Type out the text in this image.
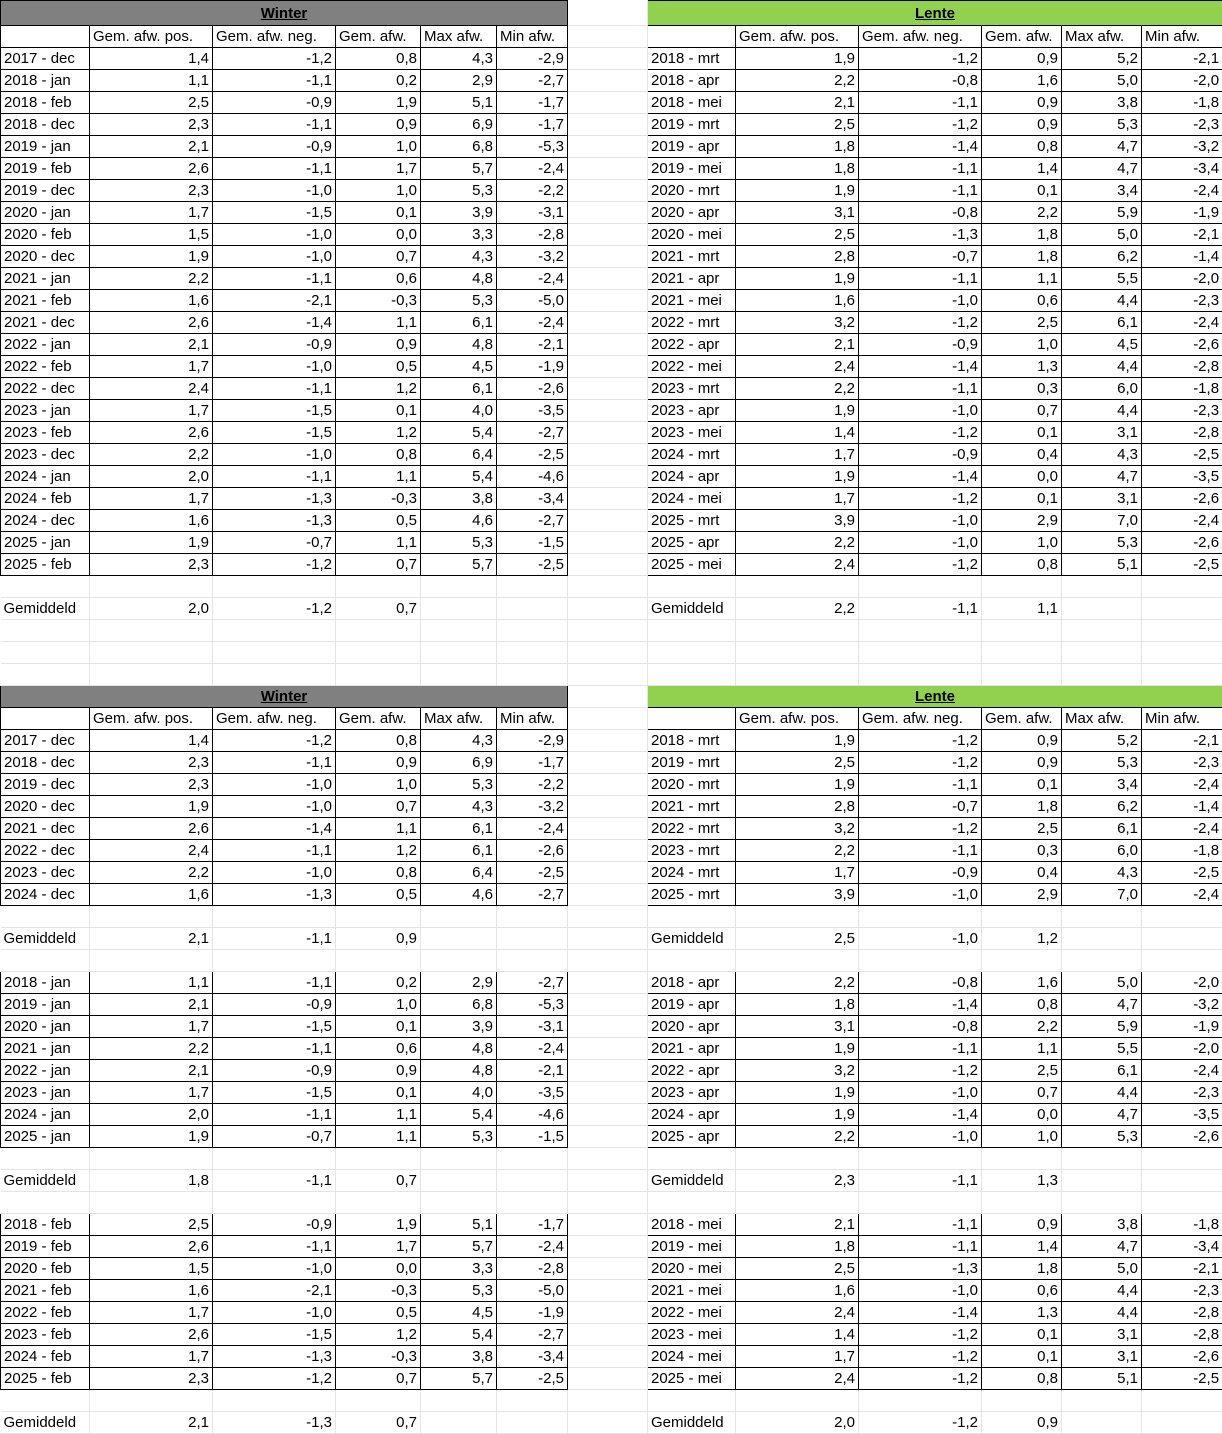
Winter							Lente					
	Gem. afw. pos.	Gem. afw. neg.	Gem. afw.	Max afw.	Min afw.			Gem. afw. pos.	Gem. afw. neg.	Gem. afw.	Max afw.	Min afw.
2017 - dec	1,4	-1,2	0,8	4,3	-2,9		2018 - mrt	1,9	-1,2	0,9	5,2	-2,1
2018 - jan	1,1	-1,1	0,2	2,9	-2,7		2018 - apr	2,2	-0,8	1,6	5,0	-2,0
2018 - feb	2,5	-0,9	1,9	5,1	-1,7		2018 - mei	2,1	-1,1	0,9	3,8	-1,8
2018 - dec	2,3	-1,1	0,9	6,9	-1,7		2019 - mrt	2,5	-1,2	0,9	5,3	-2,3
2019 - jan	2,1	-0,9	1,0	6,8	-5,3		2019 - apr	1,8	-1,4	0,8	4,7	-3,2
2019 - feb	2,6	-1,1	1,7	5,7	-2,4		2019 - mei	1,8	-1,1	1,4	4,7	-3,4
2019 - dec	2,3	-1,0	1,0	5,3	-2,2		2020 - mrt	1,9	-1,1	0,1	3,4	-2,4
2020 - jan	1,7	-1,5	0,1	3,9	-3,1		2020 - apr	3,1	-0,8	2,2	5,9	-1,9
2020 - feb	1,5	-1,0	0,0	3,3	-2,8		2020 - mei	2,5	-1,3	1,8	5,0	-2,1
2020 - dec	1,9	-1,0	0,7	4,3	-3,2		2021 - mrt	2,8	-0,7	1,8	6,2	-1,4
2021 - jan	2,2	-1,1	0,6	4,8	-2,4		2021 - apr	1,9	-1,1	1,1	5,5	-2,0
2021 - feb	1,6	-2,1	-0,3	5,3	-5,0		2021 - mei	1,6	-1,0	0,6	4,4	-2,3
2021 - dec	2,6	-1,4	1,1	6,1	-2,4		2022 - mrt	3,2	-1,2	2,5	6,1	-2,4
2022 - jan	2,1	-0,9	0,9	4,8	-2,1		2022 - apr	2,1	-0,9	1,0	4,5	-2,6
2022 - feb	1,7	-1,0	0,5	4,5	-1,9		2022 - mei	2,4	-1,4	1,3	4,4	-2,8
2022 - dec	2,4	-1,1	1,2	6,1	-2,6		2023 - mrt	2,2	-1,1	0,3	6,0	-1,8
2023 - jan	1,7	-1,5	0,1	4,0	-3,5		2023 - apr	1,9	-1,0	0,7	4,4	-2,3
2023 - feb	2,6	-1,5	1,2	5,4	-2,7		2023 - mei	1,4	-1,2	0,1	3,1	-2,8
2023 - dec	2,2	-1,0	0,8	6,4	-2,5		2024 - mrt	1,7	-0,9	0,4	4,3	-2,5
2024 - jan	2,0	-1,1	1,1	5,4	-4,6		2024 - apr	1,9	-1,4	0,0	4,7	-3,5
2024 - feb	1,7	-1,3	-0,3	3,8	-3,4		2024 - mei	1,7	-1,2	0,1	3,1	-2,6
2024 - dec	1,6	-1,3	0,5	4,6	-2,7		2025 - mrt	3,9	-1,0	2,9	7,0	-2,4
2025 - jan	1,9	-0,7	1,1	5,3	-1,5		2025 - apr	2,2	-1,0	1,0	5,3	-2,6
2025 - feb	2,3	-1,2	0,7	5,7	-2,5		2025 - mei	2,4	-1,2	0,8	5,1	-2,5

Gemiddeld	2,0	-1,2	0,7				Gemiddeld	2,2	-1,1	1,1		

Winter							Lente					
	Gem. afw. pos.	Gem. afw. neg.	Gem. afw.	Max afw.	Min afw.			Gem. afw. pos.	Gem. afw. neg.	Gem. afw.	Max afw.	Min afw.
2017 - dec	1,4	-1,2	0,8	4,3	-2,9		2018 - mrt	1,9	-1,2	0,9	5,2	-2,1
2018 - dec	2,3	-1,1	0,9	6,9	-1,7		2019 - mrt	2,5	-1,2	0,9	5,3	-2,3
2019 - dec	2,3	-1,0	1,0	5,3	-2,2		2020 - mrt	1,9	-1,1	0,1	3,4	-2,4
2020 - dec	1,9	-1,0	0,7	4,3	-3,2		2021 - mrt	2,8	-0,7	1,8	6,2	-1,4
2021 - dec	2,6	-1,4	1,1	6,1	-2,4		2022 - mrt	3,2	-1,2	2,5	6,1	-2,4
2022 - dec	2,4	-1,1	1,2	6,1	-2,6		2023 - mrt	2,2	-1,1	0,3	6,0	-1,8
2023 - dec	2,2	-1,0	0,8	6,4	-2,5		2024 - mrt	1,7	-0,9	0,4	4,3	-2,5
2024 - dec	1,6	-1,3	0,5	4,6	-2,7		2025 - mrt	3,9	-1,0	2,9	7,0	-2,4

Gemiddeld	2,1	-1,1	0,9				Gemiddeld	2,5	-1,0	1,2		

2018 - jan	1,1	-1,1	0,2	2,9	-2,7		2018 - apr	2,2	-0,8	1,6	5,0	-2,0
2019 - jan	2,1	-0,9	1,0	6,8	-5,3		2019 - apr	1,8	-1,4	0,8	4,7	-3,2
2020 - jan	1,7	-1,5	0,1	3,9	-3,1		2020 - apr	3,1	-0,8	2,2	5,9	-1,9
2021 - jan	2,2	-1,1	0,6	4,8	-2,4		2021 - apr	1,9	-1,1	1,1	5,5	-2,0
2022 - jan	2,1	-0,9	0,9	4,8	-2,1		2022 - apr	3,2	-1,2	2,5	6,1	-2,4
2023 - jan	1,7	-1,5	0,1	4,0	-3,5		2023 - apr	1,9	-1,0	0,7	4,4	-2,3
2024 - jan	2,0	-1,1	1,1	5,4	-4,6		2024 - apr	1,9	-1,4	0,0	4,7	-3,5
2025 - jan	1,9	-0,7	1,1	5,3	-1,5		2025 - apr	2,2	-1,0	1,0	5,3	-2,6

Gemiddeld	1,8	-1,1	0,7				Gemiddeld	2,3	-1,1	1,3		

2018 - feb	2,5	-0,9	1,9	5,1	-1,7		2018 - mei	2,1	-1,1	0,9	3,8	-1,8
2019 - feb	2,6	-1,1	1,7	5,7	-2,4		2019 - mei	1,8	-1,1	1,4	4,7	-3,4
2020 - feb	1,5	-1,0	0,0	3,3	-2,8		2020 - mei	2,5	-1,3	1,8	5,0	-2,1
2021 - feb	1,6	-2,1	-0,3	5,3	-5,0		2021 - mei	1,6	-1,0	0,6	4,4	-2,3
2022 - feb	1,7	-1,0	0,5	4,5	-1,9		2022 - mei	2,4	-1,4	1,3	4,4	-2,8
2023 - feb	2,6	-1,5	1,2	5,4	-2,7		2023 - mei	1,4	-1,2	0,1	3,1	-2,8
2024 - feb	1,7	-1,3	-0,3	3,8	-3,4		2024 - mei	1,7	-1,2	0,1	3,1	-2,6
2025 - feb	2,3	-1,2	0,7	5,7	-2,5		2025 - mei	2,4	-1,2	0,8	5,1	-2,5

Gemiddeld	2,1	-1,3	0,7				Gemiddeld	2,0	-1,2	0,9		
